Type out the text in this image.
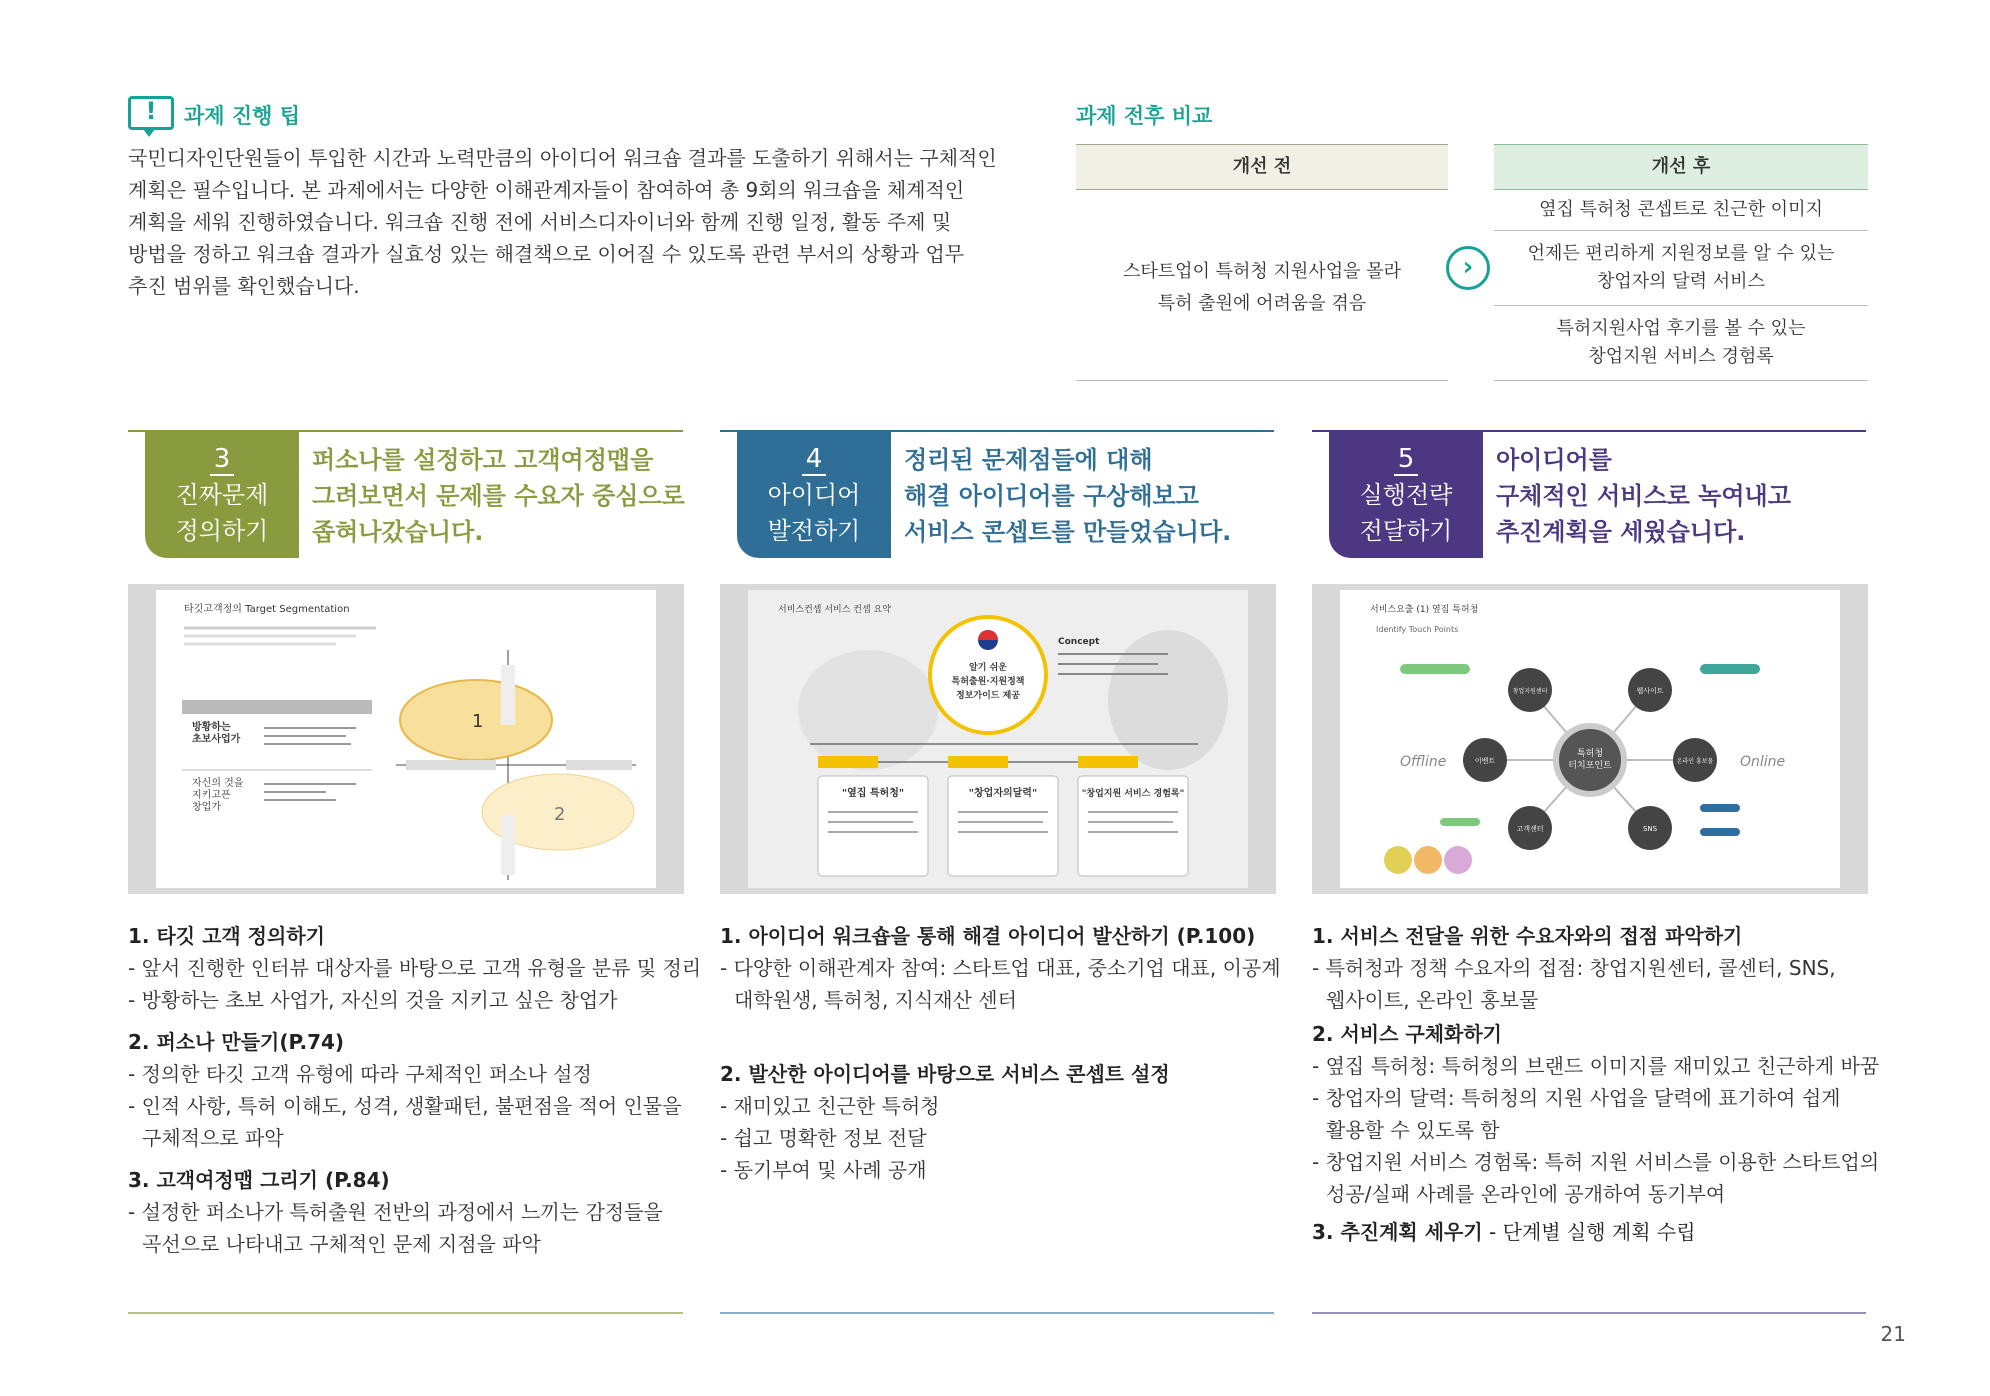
!	과제 진행 팁
국민디자인단원들이 투입한 시간과 노력만큼의 아이디어 워크숍 결과를 도출하기 위해서는 구체적인
계획은 필수입니다. 본 과제에서는 다양한 이해관계자들이 참여하여 총 9회의 워크숍을 체계적인
계획을 세워 진행하였습니다. 워크숍 진행 전에 서비스디자이너와 함께 진행 일정, 활동 주제 및
방법을 정하고 워크숍 결과가 실효성 있는 해결책으로 이어질 수 있도록 관련 부서의 상황과 업무
추진 범위를 확인했습니다.
과제 전후 비교
개선 전	개선 후
스타트업이 특허청 지원사업을 몰라
특허 출원에 어려움을 겪음
›
옆집 특허청 콘셉트로 친근한 이미지
언제든 편리하게 지원정보를 알 수 있는
창업자의 달력 서비스
특허지원사업 후기를 볼 수 있는
창업지원 서비스 경험록
3
진짜문제
정의하기
퍼소나를 설정하고 고객여정맵을
그려보면서 문제를 수요자 중심으로
좁혀나갔습니다.
타깃고객정의 Target Segmentation
방황하는
초보사업가
자신의 것을
지키고픈
창업가
1
2
1. 타깃 고객 정의하기
- 앞서 진행한 인터뷰 대상자를 바탕으로 고객 유형을 분류 및 정리
- 방황하는 초보 사업가, 자신의 것을 지키고 싶은 창업가
2. 퍼소나 만들기(P.74)
- 정의한 타깃 고객 유형에 따라 구체적인 퍼소나 설정
- 인적 사항, 특허 이해도, 성격, 생활패턴, 불편점을 적어 인물을
구체적으로 파악
3. 고객여정맵 그리기 (P.84)
- 설정한 퍼소나가 특허출원 전반의 과정에서 느끼는 감정들을
곡선으로 나타내고 구체적인 문제 지점을 파악
4
아이디어
발전하기
정리된 문제점들에 대해
해결 아이디어를 구상해보고
서비스 콘셉트를 만들었습니다.
서비스컨셉 서비스 컨셉 요약
알기 쉬운
특허출원·지원정책
정보가이드 제공
Concept
"옆집 특허청"	"창업자의달력"	"창업지원 서비스 경험록"
1. 아이디어 워크숍을 통해 해결 아이디어 발산하기 (P.100)
- 다양한 이해관계자 참여: 스타트업 대표, 중소기업 대표, 이공계
대학원생, 특허청, 지식재산 센터
2. 발산한 아이디어를 바탕으로 서비스 콘셉트 설정
- 재미있고 친근한 특허청
- 쉽고 명확한 정보 전달
- 동기부여 및 사례 공개
5
실행전략
전달하기
아이디어를
구체적인 서비스로 녹여내고
추진계획을 세웠습니다.
서비스요출 (1) 옆집 특허청
Identify Touch Points
특허청
터치포인트
창업지원센터	웹사이트
온라인 홍보물
SNS
고객센터
이벤트
Offline	Online
1. 서비스 전달을 위한 수요자와의 접점 파악하기
- 특허청과 정책 수요자의 접점: 창업지원센터, 콜센터, SNS,
웹사이트, 온라인 홍보물
2. 서비스 구체화하기
- 옆집 특허청: 특허청의 브랜드 이미지를 재미있고 친근하게 바꿈
- 창업자의 달력: 특허청의 지원 사업을 달력에 표기하여 쉽게
활용할 수 있도록 함
- 창업지원 서비스 경험록: 특허 지원 서비스를 이용한 스타트업의
성공/실패 사례를 온라인에 공개하여 동기부여
3. 추진계획 세우기 - 단계별 실행 계획 수립
21
